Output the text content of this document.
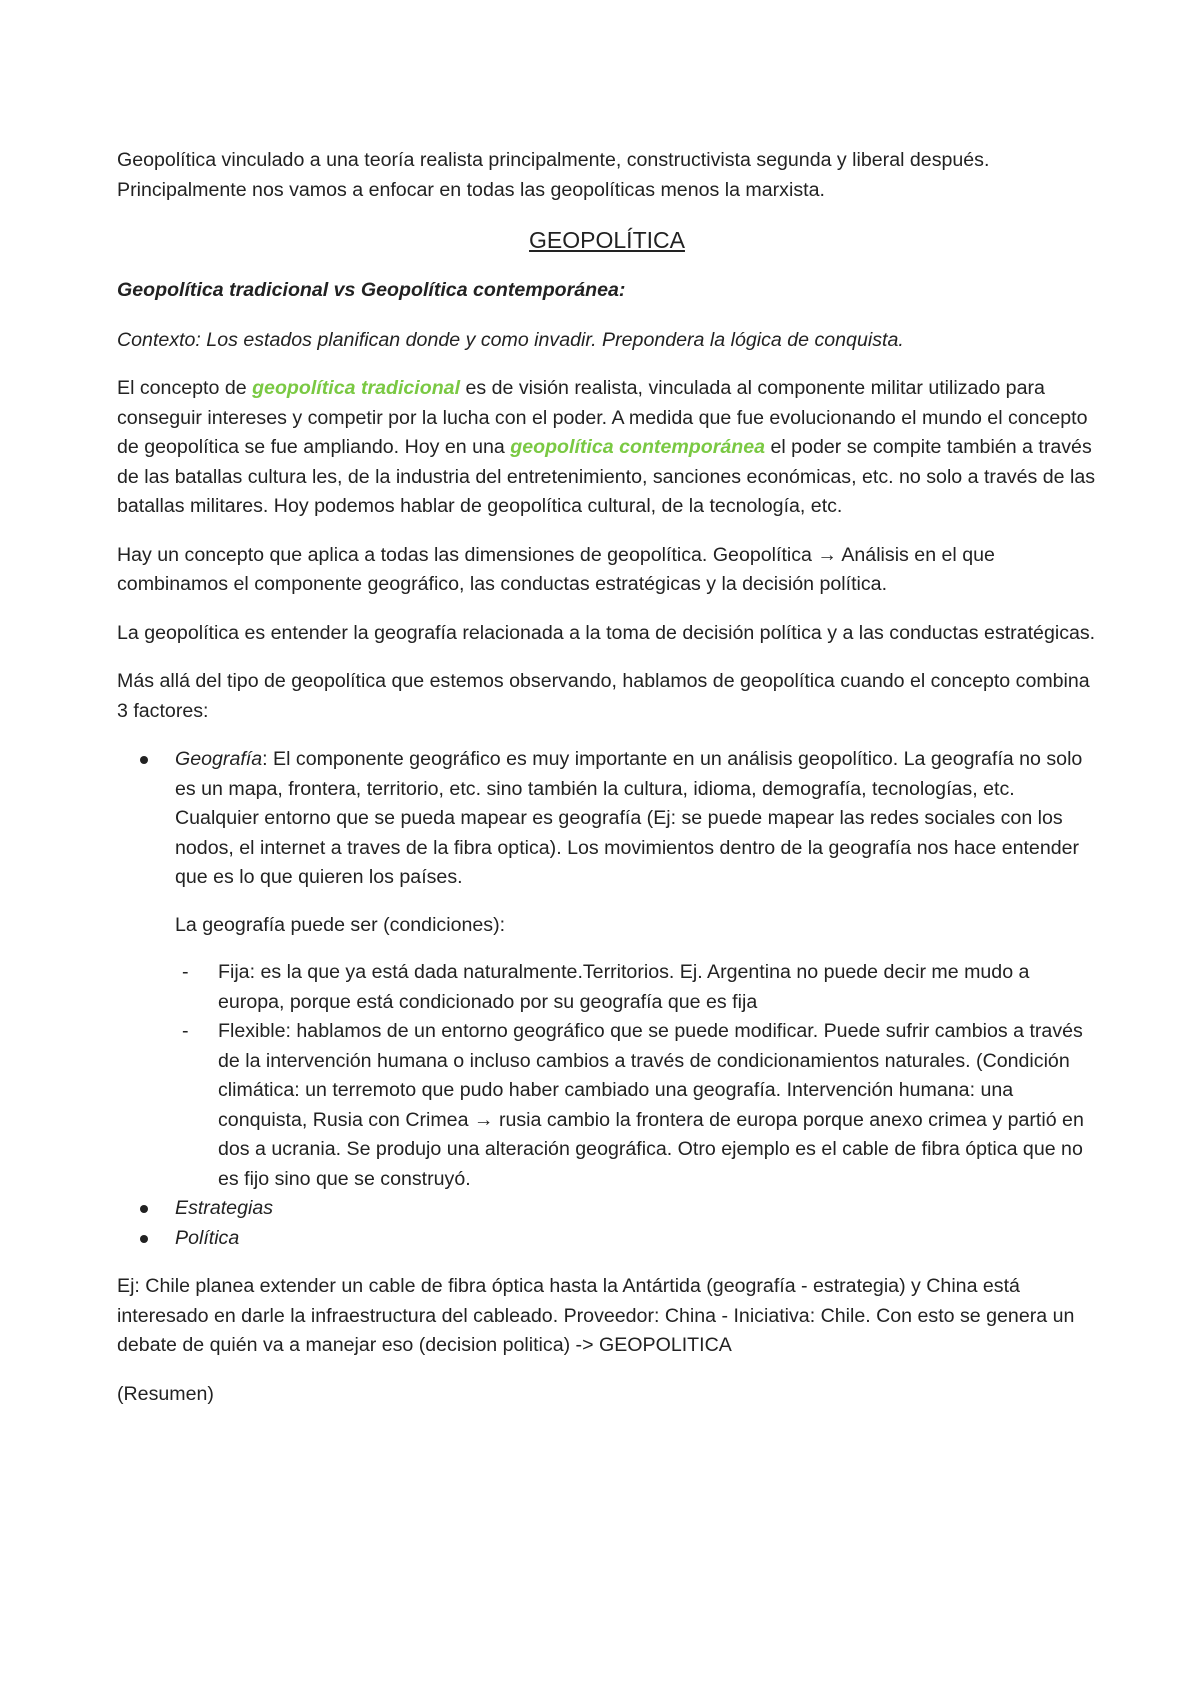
Geopolítica vinculado a una teoría realista principalmente, constructivista segunda y liberal después. Principalmente nos vamos a enfocar en todas las geopolíticas menos la marxista.

GEOPOLÍTICA

Geopolítica tradicional vs Geopolítica contemporánea:

Contexto: Los estados planifican donde y como invadir. Prepondera la lógica de conquista.

El concepto de geopolítica tradicional es de visión realista, vinculada al componente militar utilizado para conseguir intereses y competir por la lucha con el poder. A medida que fue evolucionando el mundo el concepto de geopolítica se fue ampliando. Hoy en una geopolítica contemporánea el poder se compite también a través de las batallas cultura les, de la industria del entretenimiento, sanciones económicas, etc. no solo a través de las batallas militares. Hoy podemos hablar de geopolítica cultural, de la tecnología, etc.

Hay un concepto que aplica a todas las dimensiones de geopolítica. Geopolítica → Análisis en el que combinamos el componente geográfico, las conductas estratégicas y la decisión política.

La geopolítica es entender la geografía relacionada a la toma de decisión política y a las conductas estratégicas.

Más allá del tipo de geopolítica que estemos observando, hablamos de geopolítica cuando el concepto combina 3 factores:

Geografía: El componente geográfico es muy importante en un análisis geopolítico. La geografía no solo es un mapa, frontera, territorio, etc. sino también la cultura, idioma, demografía, tecnologías, etc. Cualquier entorno que se pueda mapear es geografía (Ej: se puede mapear las redes sociales con los nodos, el internet a traves de la fibra optica). Los movimientos dentro de la geografía nos hace entender que es lo que quieren los países.
La geografía puede ser (condiciones):
- Fija: es la que ya está dada naturalmente.Territorios. Ej. Argentina no puede decir me mudo a europa, porque está condicionado por su geografía que es fija
- Flexible: hablamos de un entorno geográfico que se puede modificar. Puede sufrir cambios a través de la intervención humana o incluso cambios a través de condicionamientos naturales. (Condición climática: un terremoto que pudo haber cambiado una geografía. Intervención humana: una conquista, Rusia con Crimea → rusia cambio la frontera de europa porque anexo crimea y partió en dos a ucrania. Se produjo una alteración geográfica. Otro ejemplo es el cable de fibra óptica que no es fijo sino que se construyó.
Estrategias
Política

Ej: Chile planea extender un cable de fibra óptica hasta la Antártida (geografía - estrategia) y China está interesado en darle la infraestructura del cableado. Proveedor: China - Iniciativa: Chile. Con esto se genera un debate de quién va a manejar eso (decision politica) -> GEOPOLITICA

(Resumen)
